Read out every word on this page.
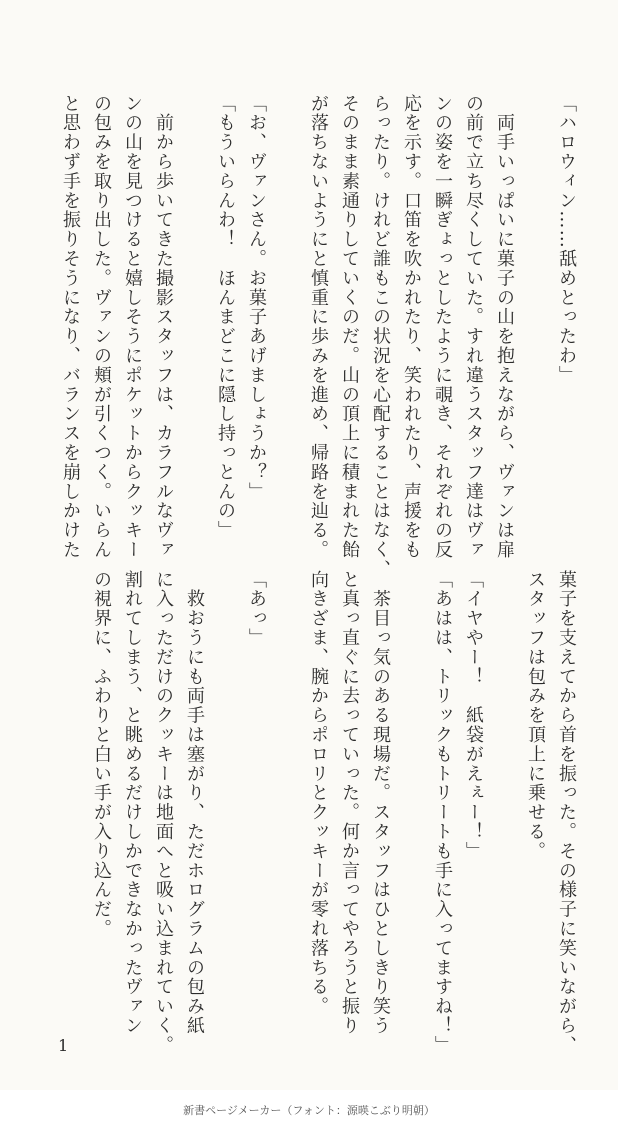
「ハロウィン……舐めとったわ」
　両手いっぱいに菓子の山を抱えながら、ヴァンは扉
の前で立ち尽くしていた。すれ違うスタッフ達はヴァ
ンの姿を一瞬ぎょっとしたように覗き、それぞれの反
応を示す。口笛を吹かれたり、笑われたり、声援をも
らったり。けれど誰もこの状況を心配することはなく、
そのまま素通りしていくのだ。山の頂上に積まれた飴
が落ちないようにと慎重に歩みを進め、帰路を辿る。
「お、ヴァンさん。お菓子あげましょうか？」
「もういらんわ！　ほんまどこに隠し持っとんの」
　前から歩いてきた撮影スタッフは、カラフルなヴァ
ンの山を見つけると嬉しそうにポケットからクッキー
の包みを取り出した。ヴァンの頬が引くつく。いらん
と思わず手を振りそうになり、バランスを崩しかけた
菓子を支えてから首を振った。その様子に笑いながら、
スタッフは包みを頂上に乗せる。
「イヤやー！　紙袋がえぇー！」
「あはは、トリックもトリートも手に入ってますね！」
　茶目っ気のある現場だ。スタッフはひとしきり笑う
と真っ直ぐに去っていった。何か言ってやろうと振り
向きざま、腕からポロリとクッキーが零れ落ちる。
「あっ」
　救おうにも両手は塞がり、ただホログラムの包み紙
に入っただけのクッキーは地面へと吸い込まれていく。
割れてしまう、と眺めるだけしかできなかったヴァン
の視界に、ふわりと白い手が入り込んだ。
1
新書ページメーカー（フォント：源暎こぶり明朝）
